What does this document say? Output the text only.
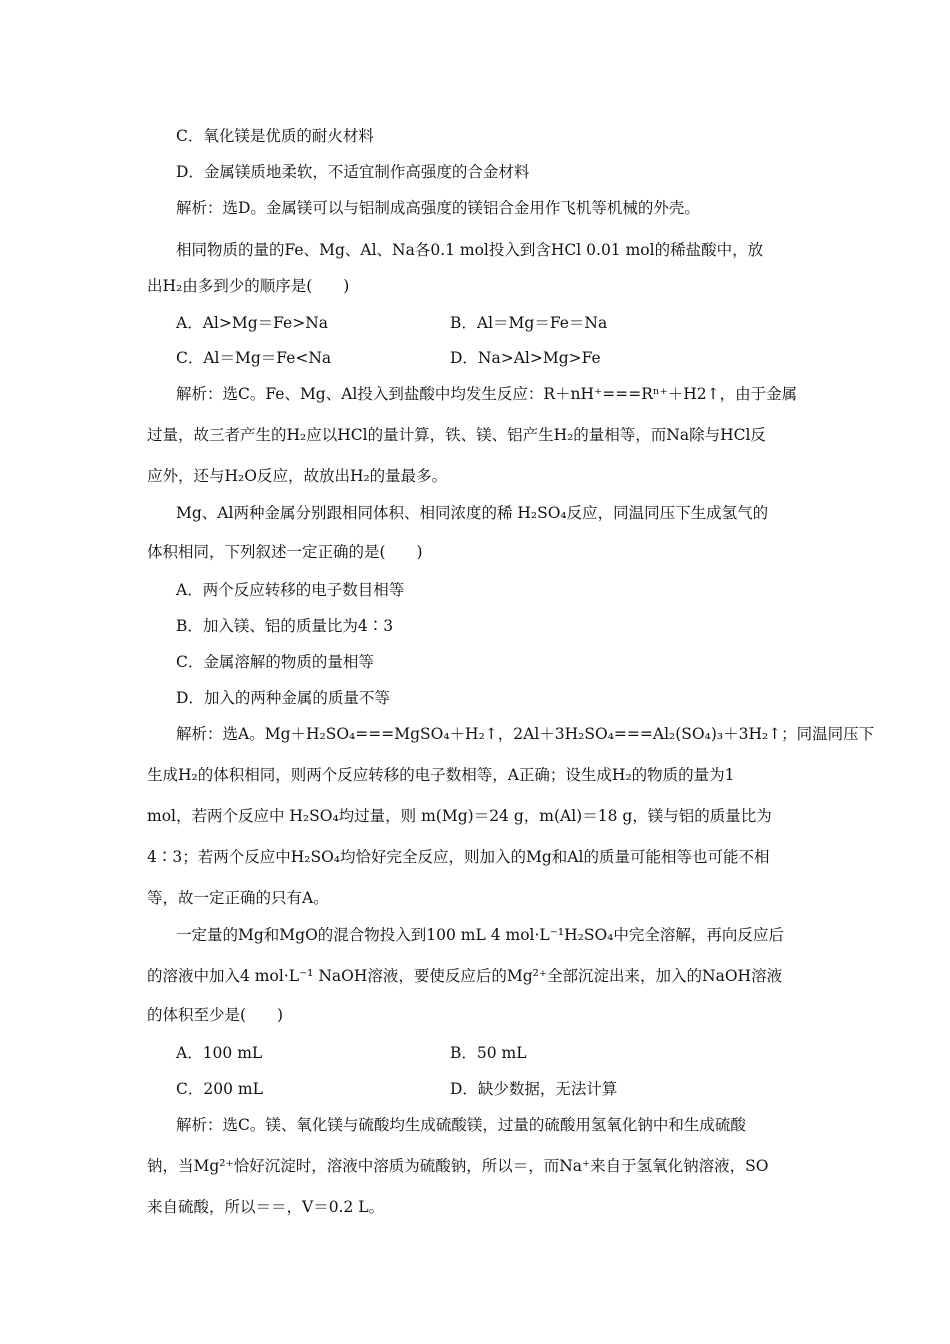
C．氧化镁是优质的耐火材料
D．金属镁质地柔软，不适宜制作高强度的合金材料
解析：选D。金属镁可以与铝制成高强度的镁铝合金用作飞机等机械的外壳。
相同物质的量的Fe、Mg、Al、Na各0.1 mol投入到含HCl 0.01 mol的稀盐酸中，放
出H₂由多到少的顺序是(　　)
A．Al>Mg＝Fe>Na	B．Al＝Mg＝Fe＝Na
C．Al＝Mg＝Fe<Na	D．Na>Al>Mg>Fe
解析：选C。Fe、Mg、Al投入到盐酸中均发生反应：R＋nH⁺===Rⁿ⁺＋H2↑，由于金属
过量，故三者产生的H₂应以HCl的量计算，铁、镁、铝产生H₂的量相等，而Na除与HCl反
应外，还与H₂O反应，故放出H₂的量最多。
Mg、Al两种金属分别跟相同体积、相同浓度的稀 H₂SO₄反应，同温同压下生成氢气的
体积相同，下列叙述一定正确的是(　　)
A．两个反应转移的电子数目相等
B．加入镁、铝的质量比为4∶3
C．金属溶解的物质的量相等
D．加入的两种金属的质量不等
解析：选A。Mg＋H₂SO₄===MgSO₄＋H₂↑，2Al＋3H₂SO₄===Al₂(SO₄)₃＋3H₂↑；同温同压下
生成H₂的体积相同，则两个反应转移的电子数相等，A正确；设生成H₂的物质的量为1
mol，若两个反应中 H₂SO₄均过量，则 m(Mg)＝24 g，m(Al)＝18 g，镁与铝的质量比为
4∶3；若两个反应中H₂SO₄均恰好完全反应，则加入的Mg和Al的质量可能相等也可能不相
等，故一定正确的只有A。
一定量的Mg和MgO的混合物投入到100 mL 4 mol·L⁻¹H₂SO₄中完全溶解，再向反应后
的溶液中加入4 mol·L⁻¹ NaOH溶液，要使反应后的Mg²⁺全部沉淀出来，加入的NaOH溶液
的体积至少是(　　)
A．100 mL	B．50 mL
C．200 mL	D．缺少数据，无法计算
解析：选C。镁、氧化镁与硫酸均生成硫酸镁，过量的硫酸用氢氧化钠中和生成硫酸
钠，当Mg²⁺恰好沉淀时，溶液中溶质为硫酸钠，所以＝，而Na⁺来自于氢氧化钠溶液，SO
来自硫酸，所以＝＝，V＝0.2 L。
